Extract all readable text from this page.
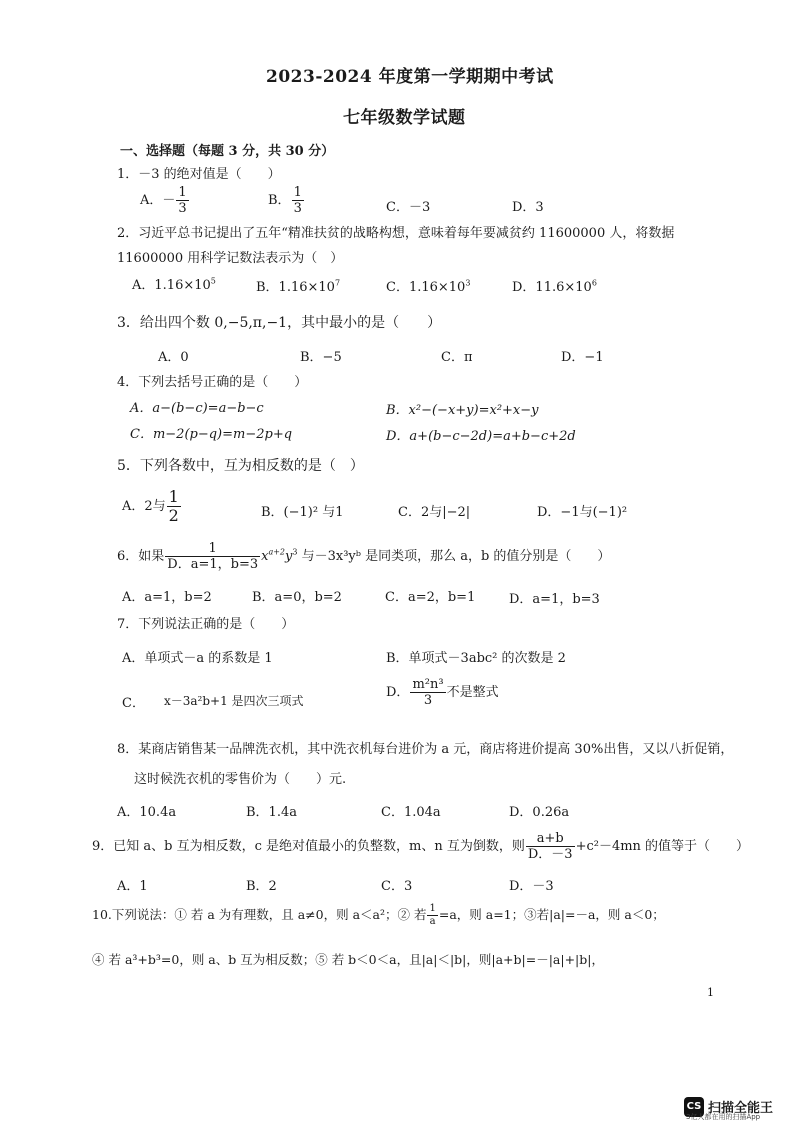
2023-2024 年度第一学期期中考试
七年级数学试题
一、选择题（每题 3 分，共 30 分）
1．－3 的绝对值是（　　）
A．－ $\frac{1}{3}$	B． $\frac{1}{3}$	C．－3	D．3
2．习近平总书记提出了五年“精准扶贫的战略构想，意味着每年要减贫约 11600000 人，将数据
11600000 用科学记数法表示为（　）
A．$1.16\times 10^5$	B．$1.16\times 10^7$	C．$1.16\times 10^3$	D．$11.6\times 10^6$
3．给出四个数 0,−5,π,−1，其中最小的是（　　）
A．0	B．−5	C．π	D．−1
4．下列去括号正确的是（　　）
A．a−(b−c)=a−b−c	B．x²−(−x+y)=x²+x−y
C．m−2(p−q)=m−2p+q	D．a+(b−c−2d)=a+b−c+2d
5．下列各数中，互为相反数的是（　）
A．2与 $\frac{1}{2}$	B．(−1)² 与1	C．2与|−2|	D．−1与(−1)²
6．如果 $\frac{1}{D.a=1,b=3} x^{a+2}y^3$ 与－3x³yᵇ 是同类项，那么 a，b 的值分别是（　　）
A．a=1，b=2	B．a=0，b=2	C．a=2，b=1	D．a=1，b=3
7．下列说法正确的是（　　）
A．单项式－a 的系数是 1	B．单项式－3abc² 的次数是 2
C． x－3a²b+1 是四次三项式
D． $\frac{\text{m²n³}}{3}$ 不是整式
8．某商店销售某一品牌洗衣机，其中洗衣机每台进价为 a 元，商店将进价提高 30%出售，又以八折促销，
这时候洗衣机的零售价为（　　）元.
A．10.4a	B．1.4a	C．1.04a	D．0.26a
9．已知 a、b 互为相反数，c 是绝对值最小的负整数，m、n 互为倒数，则 $\frac{a+b}{D.-3} +c^2-4mn$ 的值等于（　　）
A．1	B．2	C．3	D．－3
10.下列说法：① 若 a 为有理数，且 a≠0，则 a＜a²；② 若 $\frac{1}{a} =a$，则 a=1；③若|a|=－a，则 a＜0；
④ 若 a³+b³=0，则 a、b 互为相反数；⑤ 若 b＜0＜a，且|a|＜|b|，则|a+b|=－|a|+|b|，
1
CS 扫描全能王
3亿人都在用的扫描App
